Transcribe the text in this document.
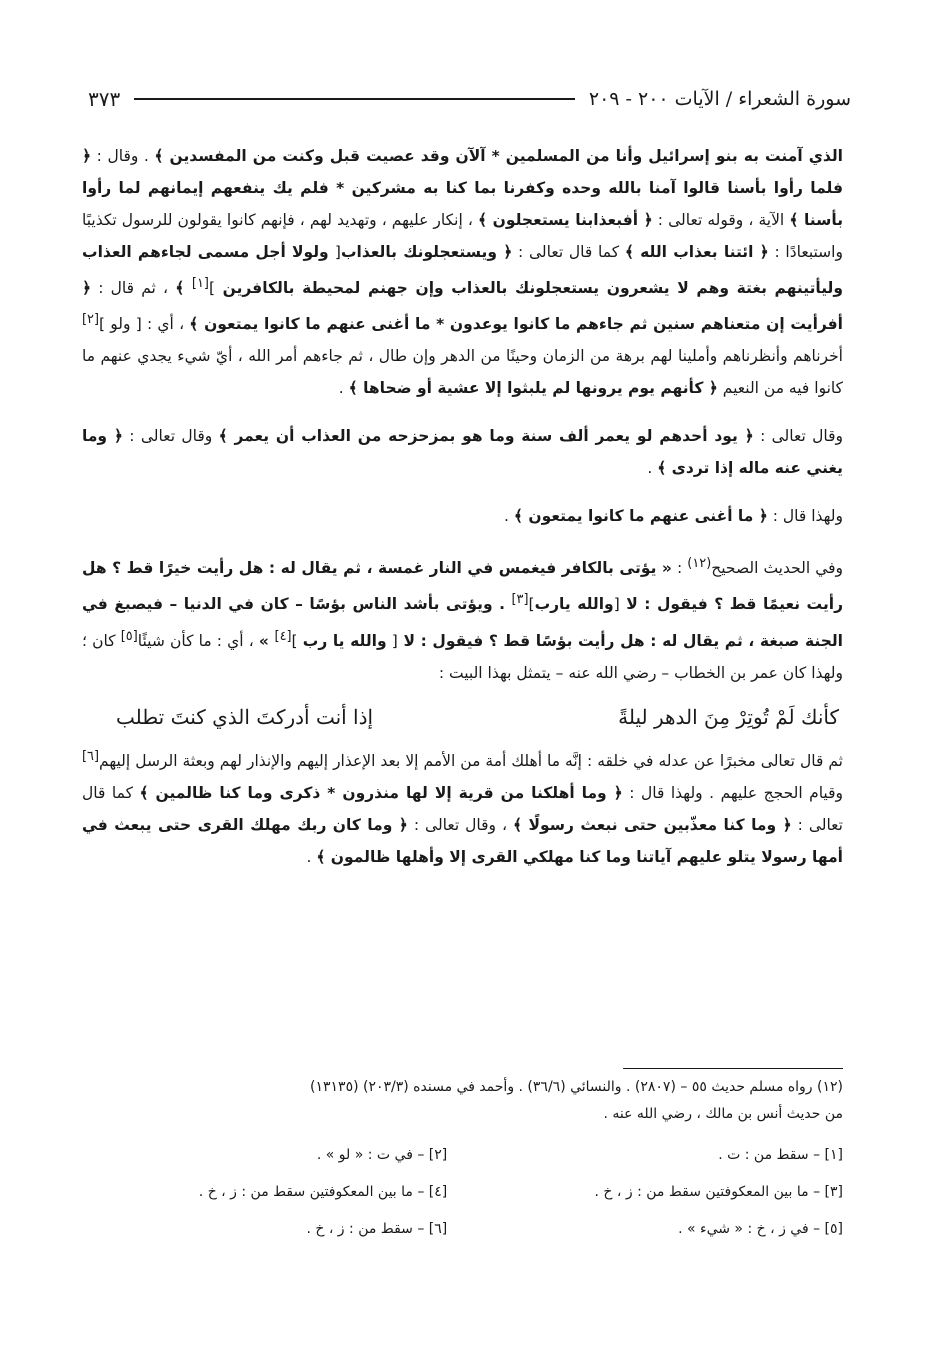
سورة الشعراء / الآيات ٢٠٠ - ٢٠٩
٣٧٣

الذي آمنت به بنو إسرائيل وأنا من المسلمين * آلآن وقد عصيت قبل وكنت من المفسدين ﴾ . وقال : ﴿ فلما رأوا بأسنا قالوا آمنا بالله وحده وكفرنا بما كنا به مشركين * فلم يك ينفعهم إيمانهم لما رأوا بأسنا ﴾ الآية ، وقوله تعالى : ﴿ أفبعذابنا يستعجلون ﴾ ، إنكار عليهم ، وتهديد لهم ، فإنهم كانوا يقولون للرسول تكذيبًا واستبعادًا : ﴿ ائتنا بعذاب الله ﴾ كما قال تعالى : ﴿ ويستعجلونك بالعذاب[ ولولا أجل مسمى لجاءهم العذاب وليأتينهم بغتة وهم لا يشعرون يستعجلونك بالعذاب وإن جهنم لمحيطة بالكافرين ][١] ﴾ ، ثم قال : ﴿ أفرأيت إن متعناهم سنين ثم جاءهم ما كانوا يوعدون * ما أغنى عنهم ما كانوا يمتعون ﴾ ، أي : [ ولو ][٢] أخرناهم وأنظرناهم وأملينا لهم برهة من الزمان وحينًا من الدهر وإن طال ، ثم جاءهم أمر الله ، أيّ شيء يجدي عنهم ما كانوا فيه من النعيم ﴿ كأنهم يوم يرونها لم يلبثوا إلا عشية أو ضحاها ﴾ .

وقال تعالى : ﴿ يود أحدهم لو يعمر ألف سنة وما هو بمزحزحه من العذاب أن يعمر ﴾ وقال تعالى : ﴿ وما يغني عنه ماله إذا تردى ﴾ .

ولهذا قال : ﴿ ما أغنى عنهم ما كانوا يمتعون ﴾ .

وفي الحديث الصحيح$^{(١٢)}$ : « يؤتى بالكافر فيغمس في النار غمسة ، ثم يقال له : هل رأيت خيرًا قط ؟ هل رأيت نعيمًا قط ؟ فيقول : لا [والله يارب][٣] . ويؤتى بأشد الناس بؤسًا – كان في الدنيا – فيصبغ في الجنة صبغة ، ثم يقال له : هل رأيت بؤسًا قط ؟ فيقول : لا [ والله يا رب ][٤] » ، أي : ما كأن شيئًا[٥] كان ؛ ولهذا كان عمر بن الخطاب – رضي الله عنه – يتمثل بهذا البيت :

كأنك لَمْ تُوتِرْ مِنَ الدهر ليلةً
إذا أنت أدركتَ الذي كنتَ تطلب

ثم قال تعالى مخبرًا عن عدله في خلقه : إنَّه ما أهلك أمة من الأمم إلا بعد الإعذار إليهم والإنذار لهم وبعثة الرسل إليهم[٦] وقيام الحجج عليهم . ولهذا قال : ﴿ وما أهلكنا من قرية إلا لها منذرون * ذكرى وما كنا ظالمين ﴾ كما قال تعالى : ﴿ وما كنا معذّبين حتى نبعث رسولًا ﴾ ، وقال تعالى : ﴿ وما كان ربك مهلك القرى حتى يبعث في أمها رسولا يتلو عليهم آياتنا وما كنا مهلكي القرى إلا وأهلها ظالمون ﴾ .

(١٢) رواه مسلم حديث ٥٥ – (٢٨٠٧) . والنسائي (٣٦/٦) . وأحمد في مسنده (٢٠٣/٣) (١٣١٣٥)

من حديث أنس بن مالك ، رضي الله عنه .

[١] – سقط من : ت .

[٣] – ما بين المعكوفتين سقط من : ز ، خ .

[٥] – في ز ، خ : « شيء » .

[٢] – في ت : « لو » .

[٤] – ما بين المعكوفتين سقط من : ز ، خ .

[٦] – سقط من : ز ، خ .
